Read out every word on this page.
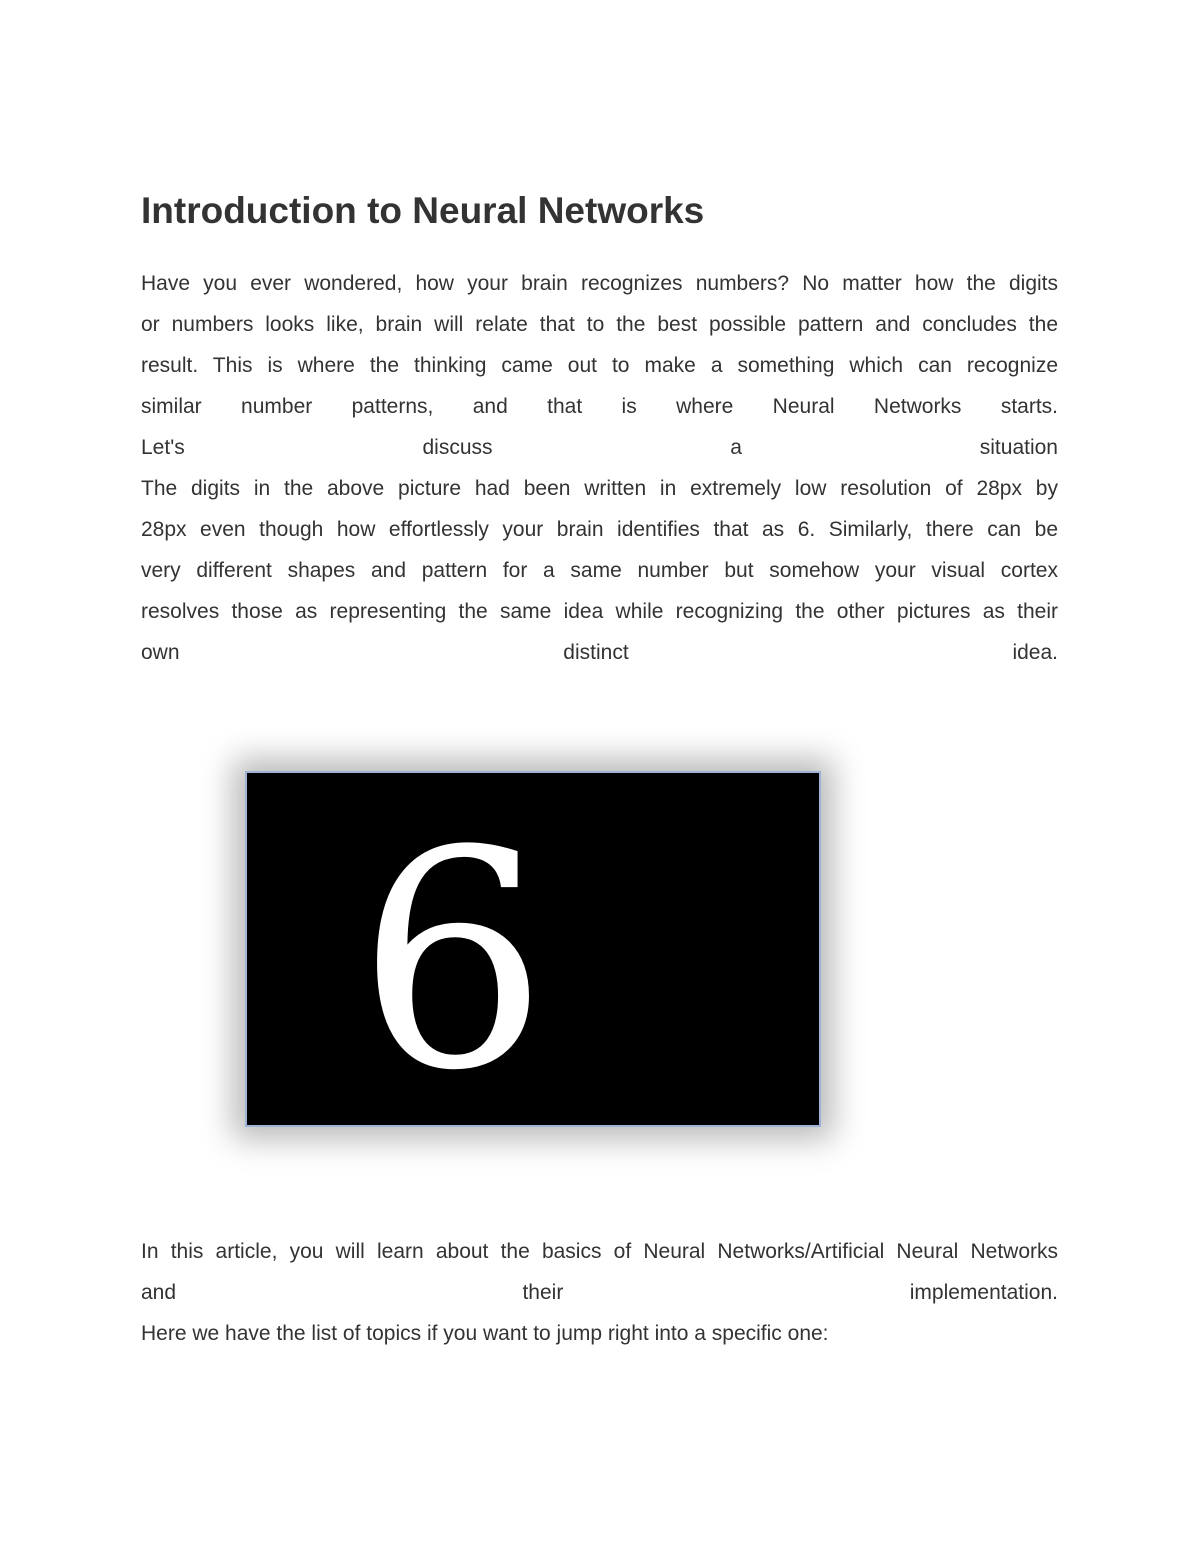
Introduction to Neural Networks
Have you ever wondered, how your brain recognizes numbers? No matter how the digits
or numbers looks like, brain will relate that to the best possible pattern and concludes the
result. This is where the thinking came out to make a something which can recognize
similar number patterns, and that is where Neural Networks starts.
Let's discuss a situation
The digits in the above picture had been written in extremely low resolution of 28px by
28px even though how effortlessly your brain identifies that as 6. Similarly, there can be
very different shapes and pattern for a same number but somehow your visual cortex
resolves those as representing the same idea while recognizing the other pictures as their
own distinct idea.
6
In this article, you will learn about the basics of Neural Networks/Artificial Neural Networks
and their implementation.
Here we have the list of topics if you want to jump right into a specific one:
